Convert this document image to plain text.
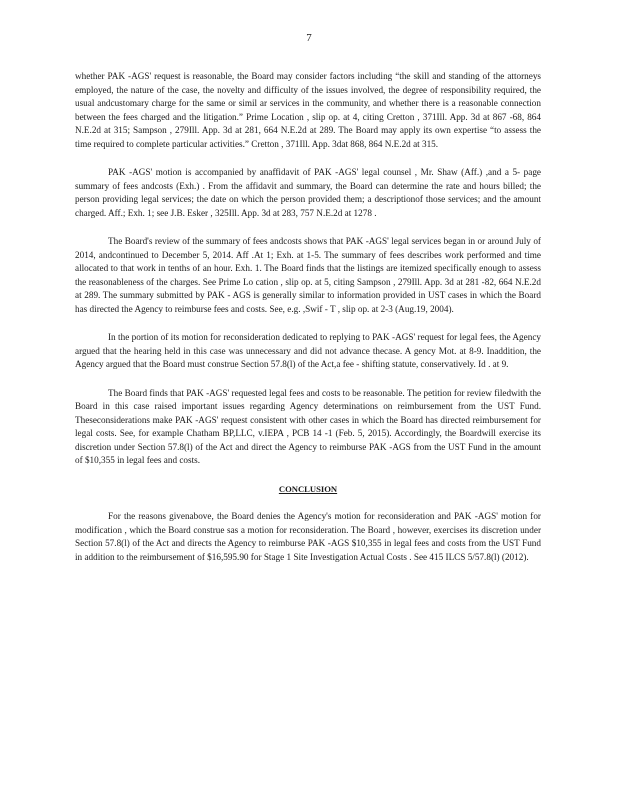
7

whether PAK -AGS' request is reasonable, the Board may consider factors including “the skill and standing of the attorneys employed, the nature of the case, the novelty and difficulty of the issues involved, the degree of responsibility required, the usual andcustomary charge for the same or simil ar services in the community, and whether there is a reasonable connection between the fees charged and the litigation.” Prime Location , slip op. at 4, citing Cretton , 371Ill. App. 3d at 867 -68, 864 N.E.2d at 315; Sampson , 279Ill. App. 3d at 281, 664 N.E.2d at 289. The Board may apply its own expertise “to assess the time required to complete particular activities.” Cretton , 371Ill. App. 3dat 868, 864 N.E.2d at 315.

PAK -AGS' motion is accompanied by anaffidavit of PAK -AGS' legal counsel , Mr. Shaw (Aff.) ,and a 5- page summary of fees andcosts (Exh.) . From the affidavit and summary, the Board can determine the rate and hours billed; the person providing legal services; the date on which the person provided them; a descriptionof those services; and the amount charged. Aff.; Exh. 1; see J.B. Esker , 325Ill. App. 3d at 283, 757 N.E.2d at 1278 .

The Board's review of the summary of fees andcosts shows that PAK -AGS' legal services began in or around July of 2014, andcontinued to December 5, 2014. Aff .At 1; Exh. at 1-5. The summary of fees describes work performed and time allocated to that work in tenths of an hour. Exh. 1. The Board finds that the listings are itemized specifically enough to assess the reasonableness of the charges. See Prime Lo cation , slip op. at 5, citing Sampson , 279Ill. App. 3d at 281 -82, 664 N.E.2d at 289. The summary submitted by PAK - AGS is generally similar to information provided in UST cases in which the Board has directed the Agency to reimburse fees and costs. See, e.g. ,Swif - T , slip op. at 2-3 (Aug.19, 2004).

In the portion of its motion for reconsideration dedicated to replying to PAK -AGS' request for legal fees, the Agency argued that the hearing held in this case was unnecessary and did not advance thecase. A gency Mot. at 8-9. Inaddition, the Agency argued that the Board must construe Section 57.8(l) of the Act,a fee - shifting statute, conservatively. Id . at 9.

The Board finds that PAK -AGS' requested legal fees and costs to be reasonable. The petition for review filedwith the Board in this case raised important issues regarding Agency determinations on reimbursement from the UST Fund. Theseconsiderations make PAK -AGS' request consistent with other cases in which the Board has directed reimbursement for legal costs. See, for example Chatham BP,LLC, v.IEPA , PCB 14 -1 (Feb. 5, 2015). Accordingly, the Boardwill exercise its discretion under Section 57.8(l) of the Act and direct the Agency to reimburse PAK -AGS from the UST Fund in the amount of $10,355 in legal fees and costs.

CONCLUSION

For the reasons givenabove, the Board denies the Agency's motion for reconsideration and PAK -AGS' motion for modification , which the Board construe sas a motion for reconsideration. The Board , however, exercises its discretion under Section 57.8(l) of the Act and directs the Agency to reimburse PAK -AGS $10,355 in legal fees and costs from the UST Fund in addition to the reimbursement of $16,595.90 for Stage 1 Site Investigation Actual Costs . See 415 ILCS 5/57.8(l) (2012).
